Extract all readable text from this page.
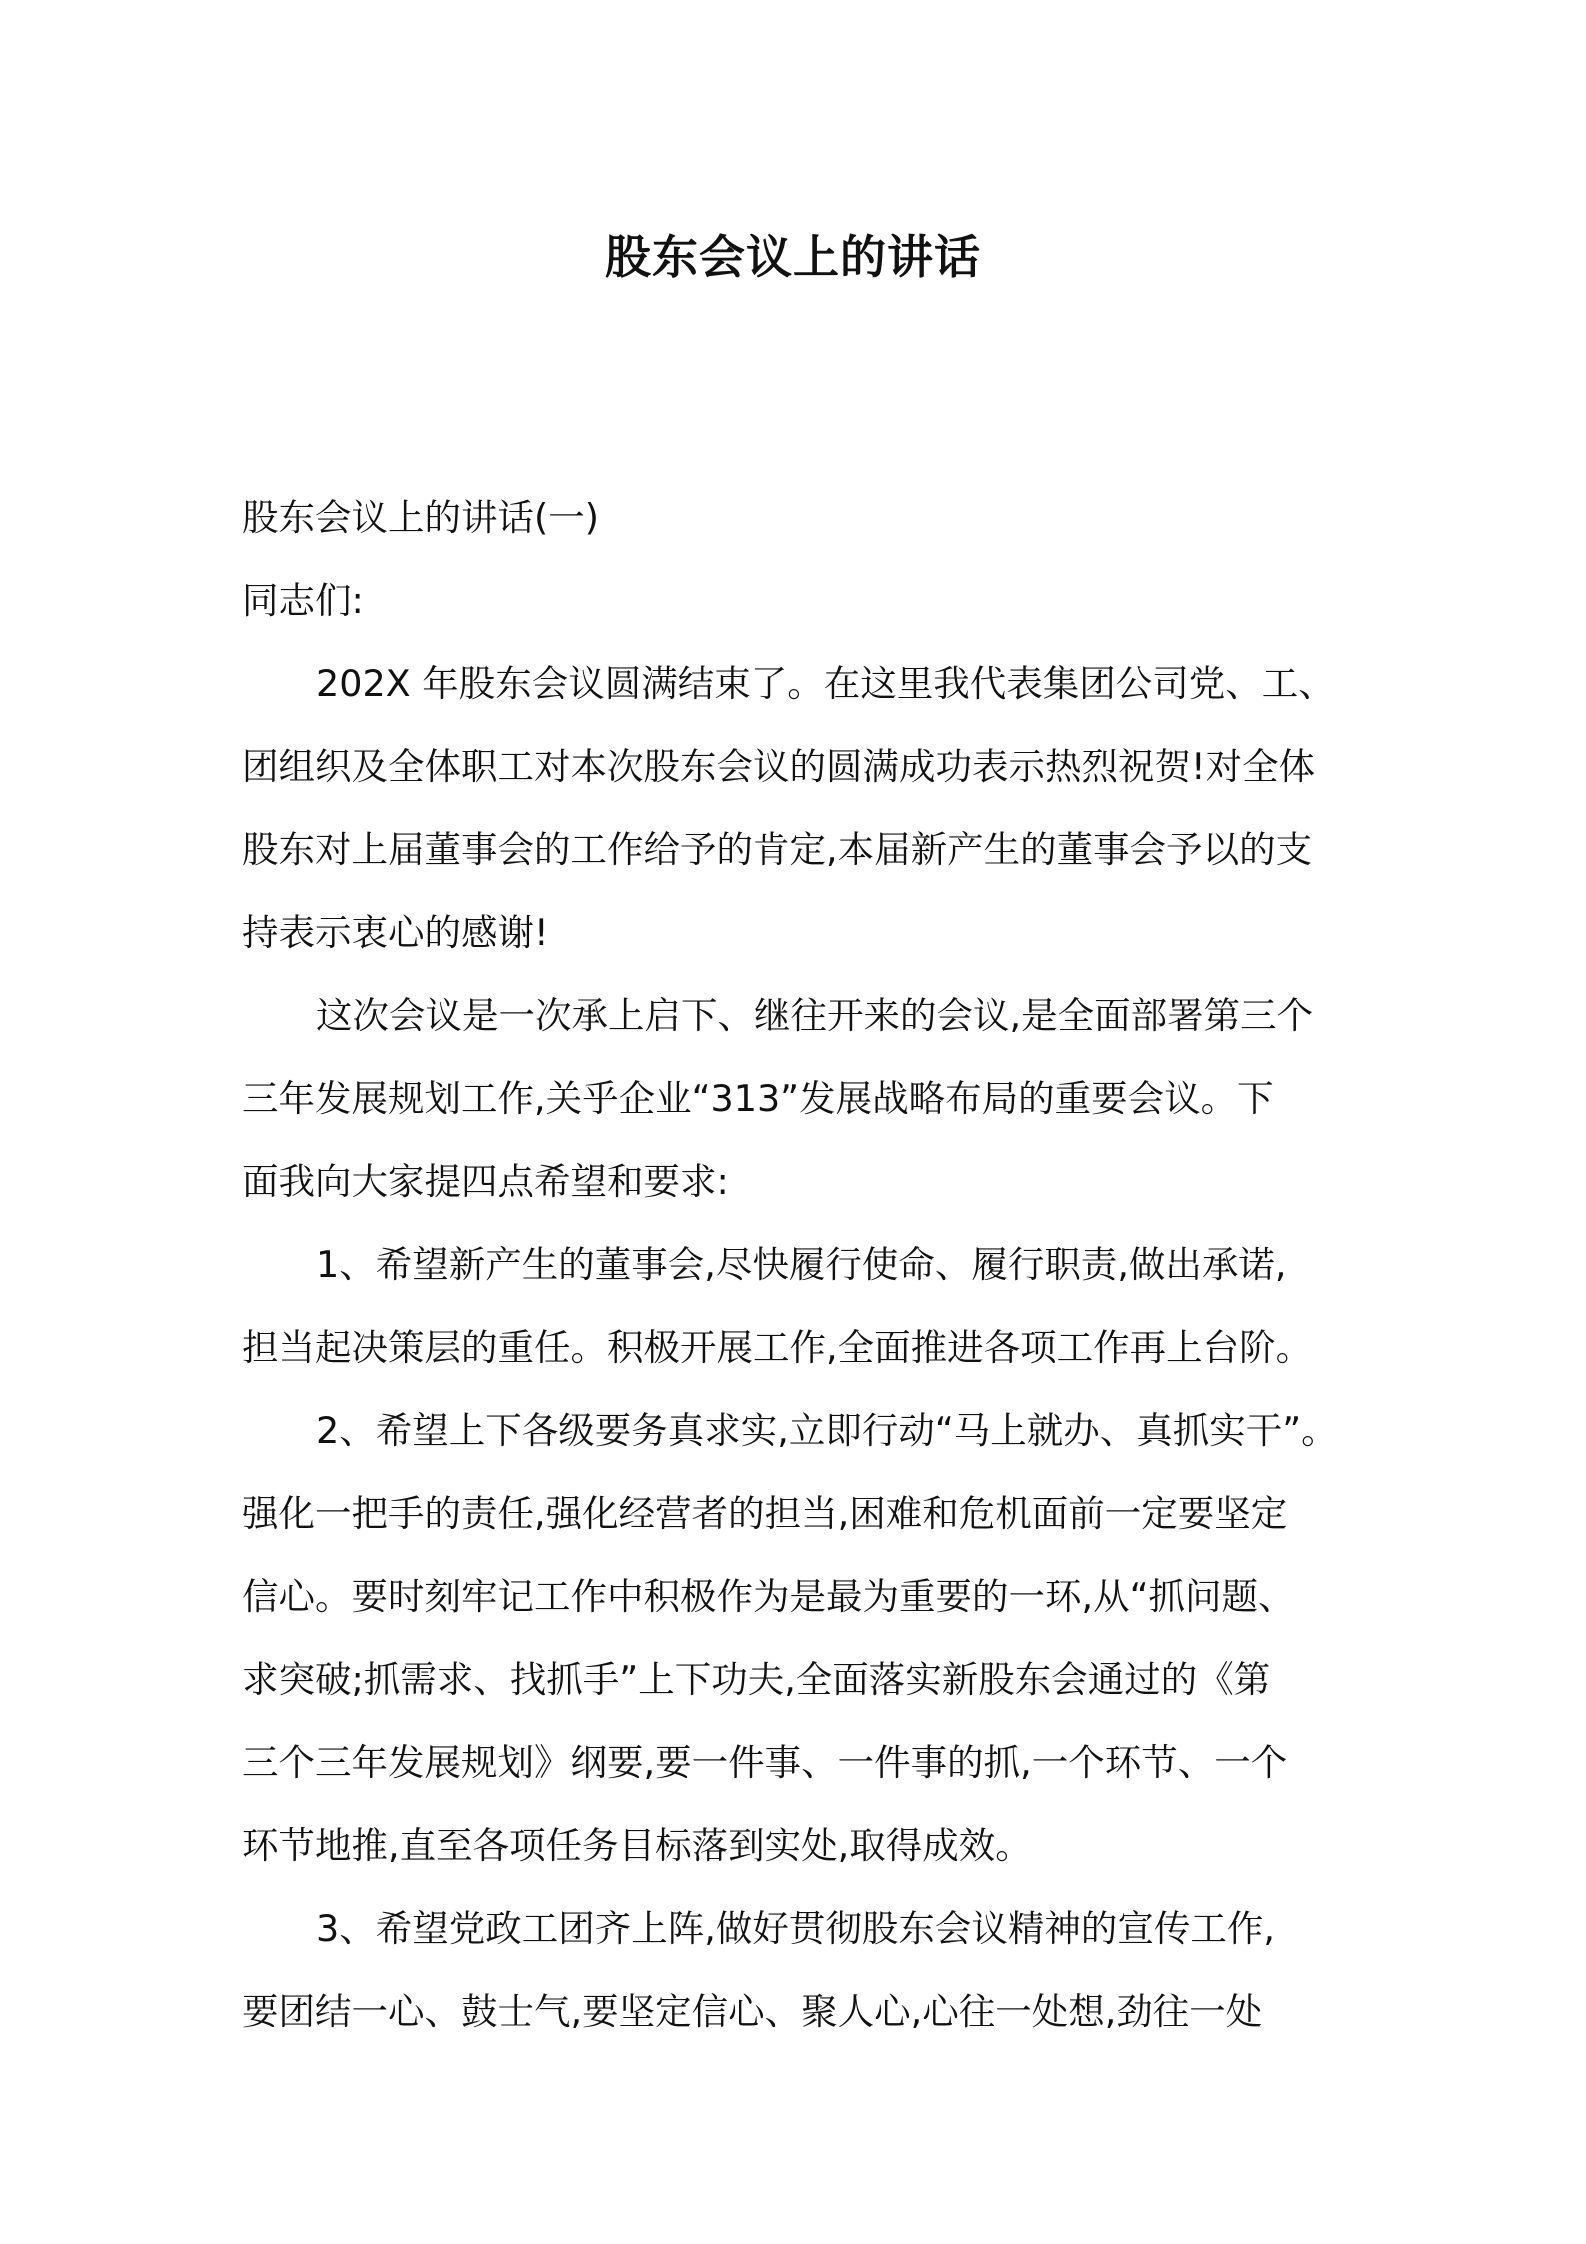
股东会议上的讲话
股东会议上的讲话(一)
同志们:
202X 年股东会议圆满结束了。在这里我代表集团公司党、工、
团组织及全体职工对本次股东会议的圆满成功表示热烈祝贺!对全体
股东对上届董事会的工作给予的肯定,本届新产生的董事会予以的支
持表示衷心的感谢!
这次会议是一次承上启下、继往开来的会议,是全面部署第三个
三年发展规划工作,关乎企业“313”发展战略布局的重要会议。下
面我向大家提四点希望和要求:
1、希望新产生的董事会,尽快履行使命、履行职责,做出承诺,
担当起决策层的重任。积极开展工作,全面推进各项工作再上台阶。
2、希望上下各级要务真求实,立即行动“马上就办、真抓实干”。
强化一把手的责任,强化经营者的担当,困难和危机面前一定要坚定
信心。要时刻牢记工作中积极作为是最为重要的一环,从“抓问题、
求突破;抓需求、找抓手”上下功夫,全面落实新股东会通过的《第
三个三年发展规划》纲要,要一件事、一件事的抓,一个环节、一个
环节地推,直至各项任务目标落到实处,取得成效。
3、希望党政工团齐上阵,做好贯彻股东会议精神的宣传工作,
要团结一心、鼓士气,要坚定信心、聚人心,心往一处想,劲往一处
